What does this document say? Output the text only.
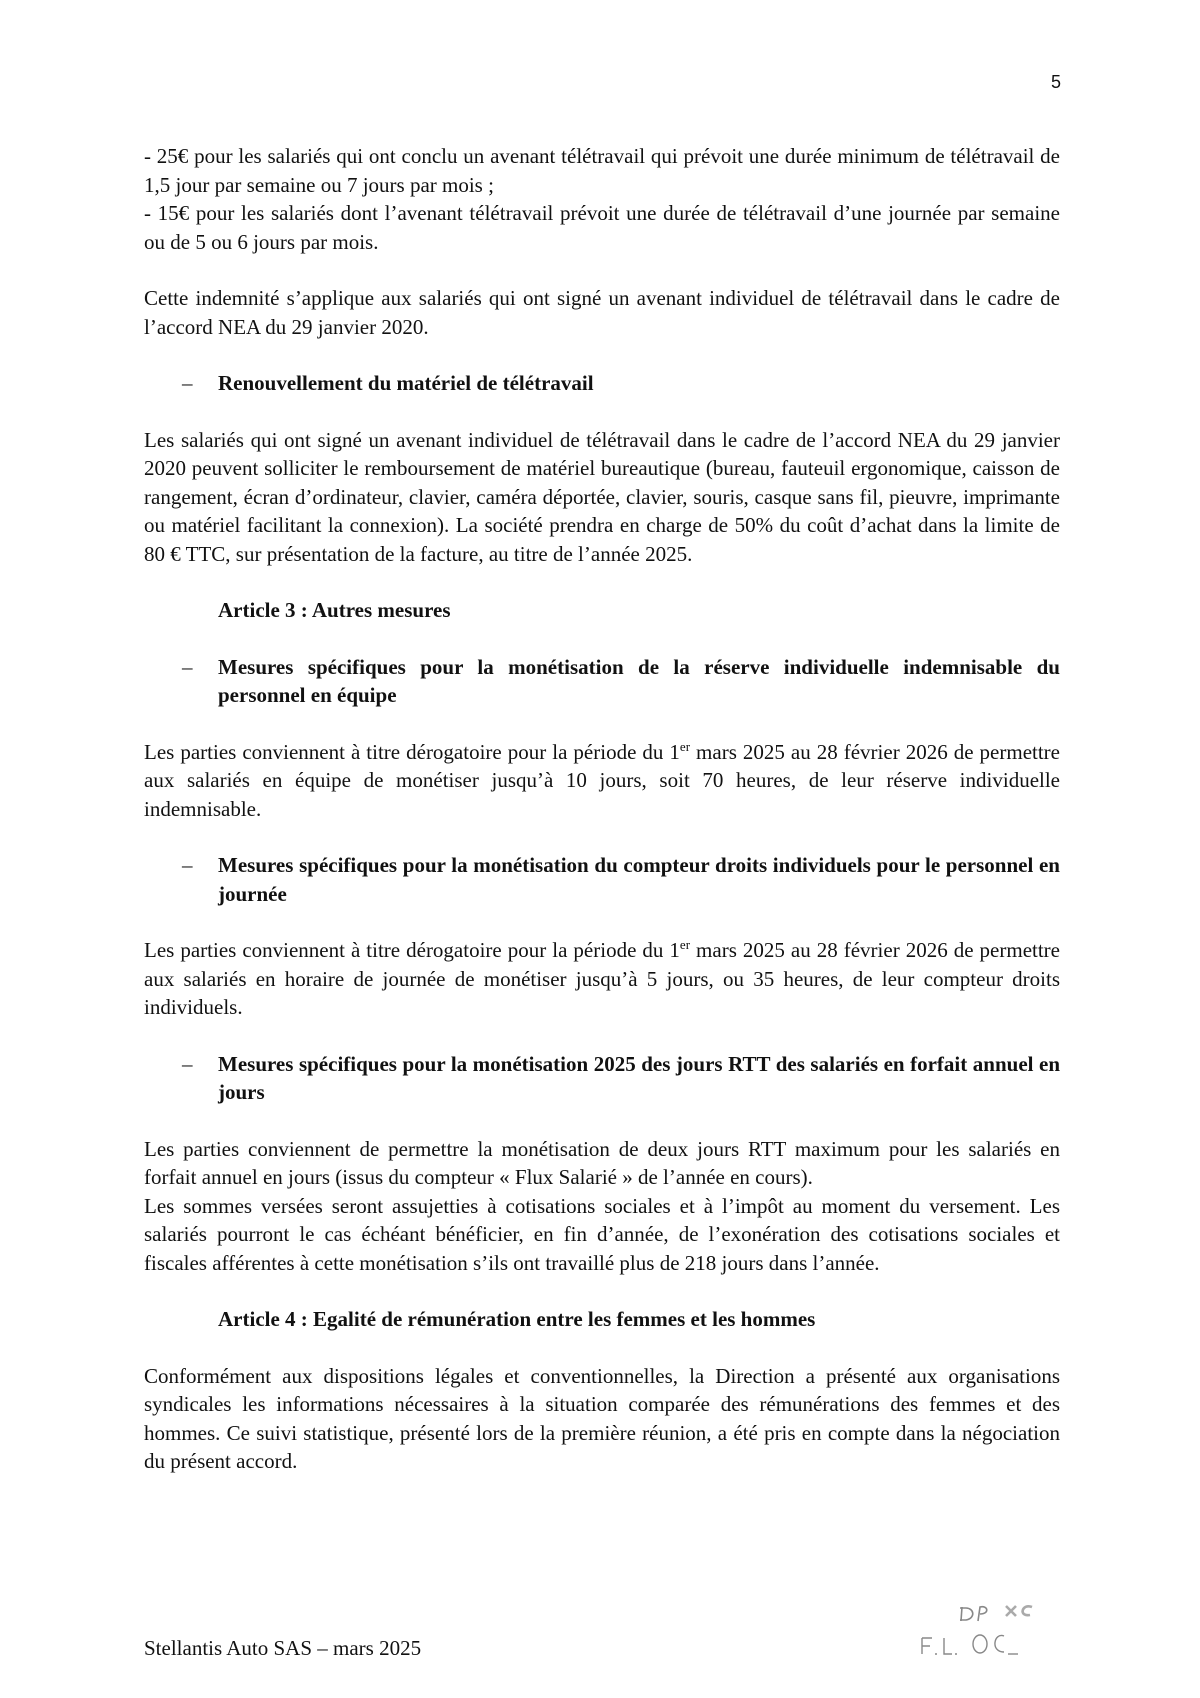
5

- 25€ pour les salariés qui ont conclu un avenant télétravail qui prévoit une durée minimum de télétravail de 1,5 jour par semaine ou 7 jours par mois ;

- 15€ pour les salariés dont l’avenant télétravail prévoit une durée de télétravail d’une journée par semaine ou de 5 ou 6 jours par mois.

Cette indemnité s’applique aux salariés qui ont signé un avenant individuel de télétravail dans le cadre de l’accord NEA du 29 janvier 2020.

–	Renouvellement du matériel de télétravail

Les salariés qui ont signé un avenant individuel de télétravail dans le cadre de l’accord NEA du 29 janvier 2020 peuvent solliciter le remboursement de matériel bureautique (bureau, fauteuil ergonomique, caisson de rangement, écran d’ordinateur, clavier, caméra déportée, clavier, souris, casque sans fil, pieuvre, imprimante ou matériel facilitant la connexion). La société prendra en charge de 50% du coût d’achat dans la limite de 80 € TTC, sur présentation de la facture, au titre de l’année 2025.

Article 3 : Autres mesures

–	Mesures spécifiques pour la monétisation de la réserve individuelle indemnisable du personnel en équipe

Les parties conviennent à titre dérogatoire pour la période du 1er mars 2025 au 28 février 2026 de permettre aux salariés en équipe de monétiser jusqu’à 10 jours, soit 70 heures, de leur réserve individuelle indemnisable.

–	Mesures spécifiques pour la monétisation du compteur droits individuels pour le personnel en journée

Les parties conviennent à titre dérogatoire pour la période du 1er mars 2025 au 28 février 2026 de permettre aux salariés en horaire de journée de monétiser jusqu’à 5 jours, ou 35 heures, de leur compteur droits individuels.

–	Mesures spécifiques pour la monétisation 2025 des jours RTT des salariés en forfait annuel en jours

Les parties conviennent de permettre la monétisation de deux jours RTT maximum pour les salariés en forfait annuel en jours (issus du compteur « Flux Salarié » de l’année en cours).

Les sommes versées seront assujetties à cotisations sociales et à l’impôt au moment du versement. Les salariés pourront le cas échéant bénéficier, en fin d’année, de l’exonération des cotisations sociales et fiscales afférentes à cette monétisation s’ils ont travaillé plus de 218 jours dans l’année.

Article 4 : Egalité de rémunération entre les femmes et les hommes

Conformément aux dispositions légales et conventionnelles, la Direction a présenté aux organisations syndicales les informations nécessaires à la situation comparée des rémunérations des femmes et des hommes. Ce suivi statistique, présenté lors de la première réunion, a été pris en compte dans la négociation du présent accord.

Stellantis Auto SAS – mars 2025
